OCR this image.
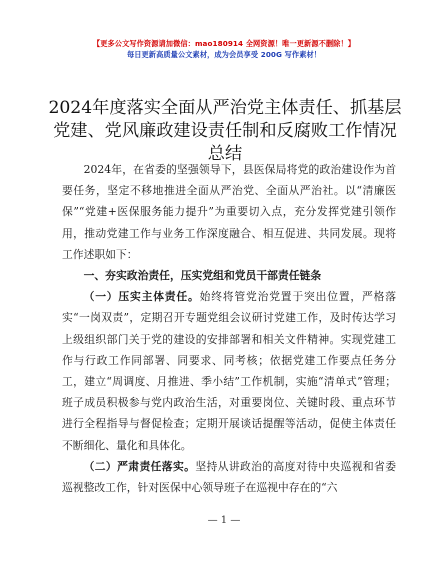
【更多公文写作资源请加微信：mao180914 全网资源！唯一更新源不删除！】
每日更新高质量公文素材，成为会员享受 200G 写作素材！
2024年度落实全面从严治党主体责任、抓基层党建、党风廉政建设责任制和反腐败工作情况总结

2024年，在省委的坚强领导下，县医保局将党的政治建设作为首要任务，坚定不移地推进全面从严治党、全面从严治社。以“清廉医保”“党建+医保服务能力提升”为重要切入点，充分发挥党建引领作用，推动党建工作与业务工作深度融合、相互促进、共同发展。现将工作述职如下：

一、夯实政治责任，压实党组和党员干部责任链条

（一）压实主体责任。始终将管党治党置于突出位置，严格落实“一岗双责”，定期召开专题党组会议研讨党建工作，及时传达学习上级组织部门关于党的建设的安排部署和相关文件精神。实现党建工作与行政工作同部署、同要求、同考核；依据党建工作要点任务分工，建立“周调度、月推进、季小结”工作机制，实施“清单式”管理；班子成员积极参与党内政治生活，对重要岗位、关键时段、重点环节进行全程指导与督促检查；定期开展谈话提醒等活动，促使主体责任不断细化、量化和具体化。

（二）严肃责任落实。坚持从讲政治的高度对待中央巡视和省委巡视整改工作，针对医保中心领导班子在巡视中存在的“六

— 1 —
